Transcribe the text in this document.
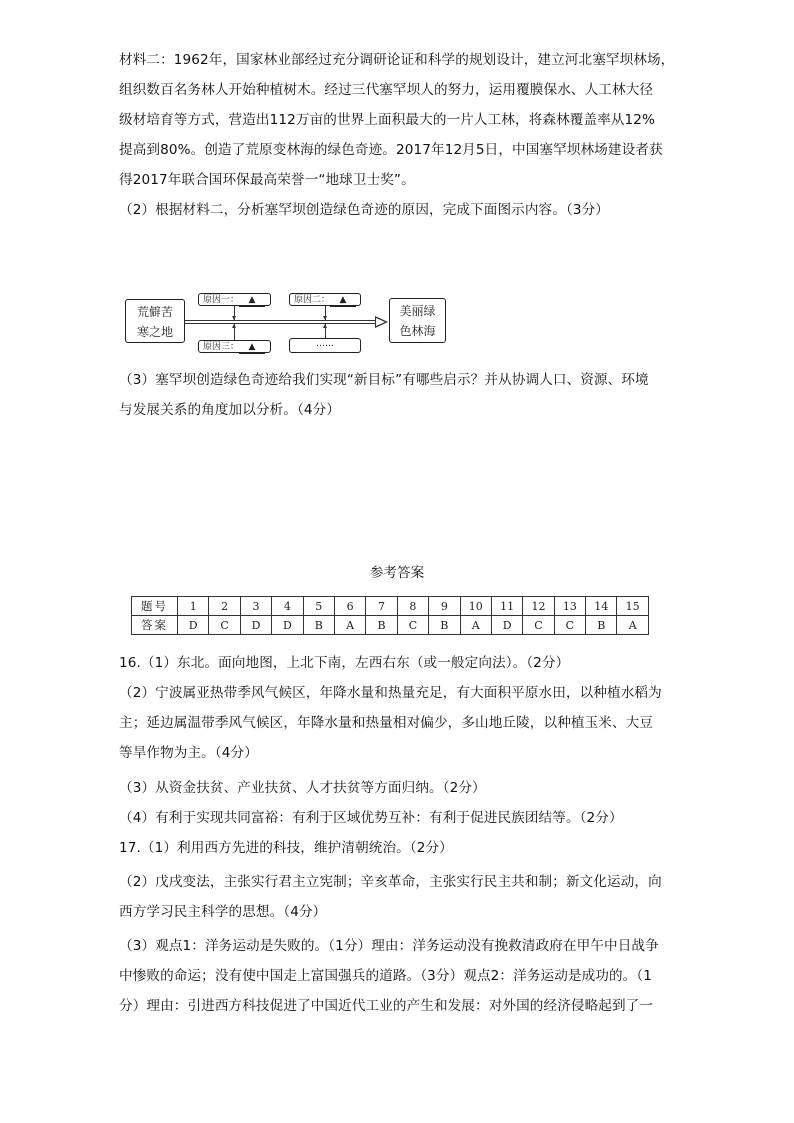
材料二：1962年，国家林业部经过充分调研论证和科学的规划设计，建立河北塞罕坝林场，
组织数百名务林人开始种植树木。经过三代塞罕坝人的努力，运用覆膜保水、人工林大径
级材培育等方式，营造出112万亩的世界上面积最大的一片人工林，将森林覆盖率从12%
提高到80%。创造了荒原变林海的绿色奇迹。2017年12月5日，中国塞罕坝林场建设者获
得2017年联合国环保最高荣誉一“地球卫士奖”。
（2）根据材料二，分析塞罕坝创造绿色奇迹的原因，完成下面图示内容。（3分）
荒僻苦
寒之地
原因一： ▲
原因三： ▲
原因二： ▲
……
美丽绿
色林海
（3）塞罕坝创造绿色奇迹给我们实现“新目标”有哪些启示？并从协调人口、资源、环境
与发展关系的角度加以分析。（4分）
参考答案
题号	1	2	3	4	5	6	7	8	9	10	11	12	13	14	15
答案	D	C	D	D	B	A	B	C	B	A	D	C	C	B	A
16.（1）东北。面向地图，上北下南，左西右东（或一般定向法）。（2分）
（2）宁波属亚热带季风气候区，年降水量和热量充足，有大面积平原水田，以种植水稻为
主；延边属温带季风气候区，年降水量和热量相对偏少，多山地丘陵，以种植玉米、大豆
等旱作物为主。（4分）
（3）从资金扶贫、产业扶贫、人才扶贫等方面归纳。（2分）
（4）有利于实现共同富裕：有利于区域优势互补：有利于促进民族团结等。（2分）
17.（1）利用西方先进的科技，维护清朝统治。（2分）
（2）戊戌变法，主张实行君主立宪制；辛亥革命，主张实行民主共和制；新文化运动，向
西方学习民主科学的思想。（4分）
（3）观点1：洋务运动是失败的。（1分）理由：洋务运动没有挽救清政府在甲午中日战争
中惨败的命运；没有使中国走上富国强兵的道路。（3分）观点2：洋务运动是成功的。（1
分）理由：引进西方科技促进了中国近代工业的产生和发展：对外国的经济侵略起到了一
